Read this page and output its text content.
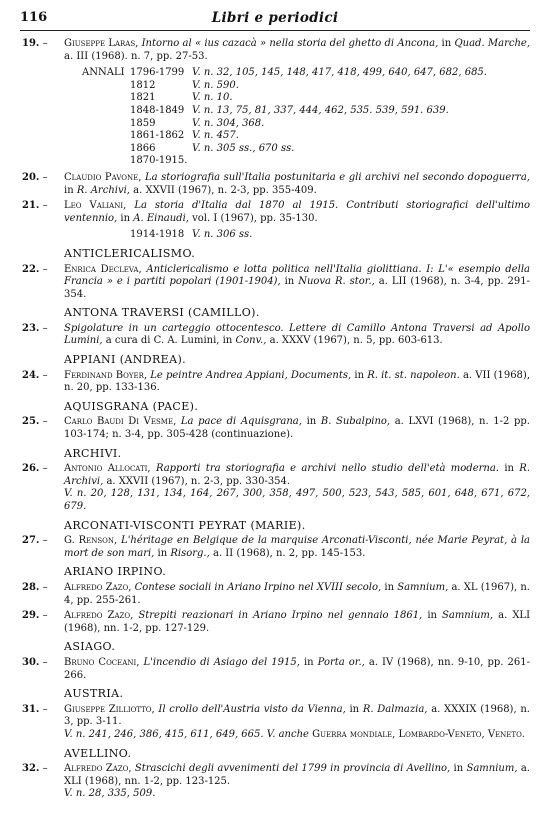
116	Libri e periodici
19. –	Giuseppe Laras, Intorno al « ius cazacà » nella storia del ghetto di Ancona, in Quad. Marche, a. III (1968). n. 7, pp. 27-53.
ANNALI 1796-1799 V. n. 32, 105, 145, 148, 417, 418, 499, 640, 647, 682, 685.
1812	V. n. 590.
1821	V. n. 10.
1848-1849 V. n. 13, 75, 81, 337, 444, 462, 535. 539, 591. 639.
1859	V. n. 304, 368.
1861-1862 V. n. 457.
1866	V. n. 305 ss., 670 ss.
1870-1915.
20. –	Claudio Pavone, La storiografia sull'Italia postunitaria e gli archivi nel secondo dopoguerra, in R. Archivi, a. XXVII (1967), n. 2-3, pp. 355-409.
21. –	Leo Valiani, La storia d'Italia dal 1870 al 1915. Contributi storiografici dell'ultimo ventennio, in A. Einaudi, vol. I (1967), pp. 35-130.
1914-1918 V. n. 306 ss.
ANTICLERICALISMO.
22. –	Enrica Decleva, Anticlericalismo e lotta politica nell'Italia giolittiana. I: L'« esempio della Francia » e i partiti popolari (1901-1904), in Nuova R. stor., a. LII (1968), n. 3-4, pp. 291-354.
ANTONA TRAVERSI (CAMILLO).
23. –	Spigolature in un carteggio ottocentesco. Lettere di Camillo Antona Traversi ad Apollo Lumini, a cura di C. A. Lumini, in Conv., a. XXXV (1967), n. 5, pp. 603-613.
APPIANI (ANDREA).
24. –	Ferdinand Boyer, Le peintre Andrea Appiani, Documents, in R. it. st. napoleon. a. VII (1968), n. 20, pp. 133-136.
AQUISGRANA (PACE).
25. –	Carlo Baudi Di Vesme, La pace di Aquisgrana, in B. Subalpino, a. LXVI (1968), n. 1-2 pp. 103-174; n. 3-4, pp. 305-428 (continuazione).
ARCHIVI.
26. –	Antonio Allocati, Rapporti tra storiografia e archivi nello studio dell'età moderna. in R. Archivi, a. XXVII (1967), n. 2-3, pp. 330-354.
V. n. 20, 128, 131, 134, 164, 267, 300, 358, 497, 500, 523, 543, 585, 601, 648, 671, 672, 679.
ARCONATI-VISCONTI PEYRAT (MARIE).
27. –	G. Renson, L'héritage en Belgique de la marquise Arconati-Visconti, née Marie Peyrat, à la mort de son mari, in Risorg., a. II (1968), n. 2, pp. 145-153.
ARIANO IRPINO.
28. –	Alfredo Zazo, Contese sociali in Ariano Irpino nel XVIII secolo, in Samnium, a. XL (1967), n. 4, pp. 255-261.
29. –	Alfredo Zazo, Strepiti reazionari in Ariano Irpino nel gennaio 1861, in Samnium, a. XLI (1968), nn. 1-2, pp. 127-129.
ASIAGO.
30. –	Bruno Coceani, L'incendio di Asiago del 1915, in Porta or., a. IV (1968), nn. 9-10, pp. 261-266.
AUSTRIA.
31. –	Giuseppe Zilliotto, Il crollo dell'Austria visto da Vienna, in R. Dalmazia, a. XXXIX (1968), n. 3, pp. 3-11.
V. n. 241, 246, 386, 415, 611, 649, 665. V. anche Guerra mondiale, Lombardo-Veneto, Veneto.
AVELLINO.
32. –	Alfredo Zazo, Strascichi degli avvenimenti del 1799 in provincia di Avellino, in Samnium, a. XLI (1968), nn. 1-2, pp. 123-125.
V. n. 28, 335, 509.
